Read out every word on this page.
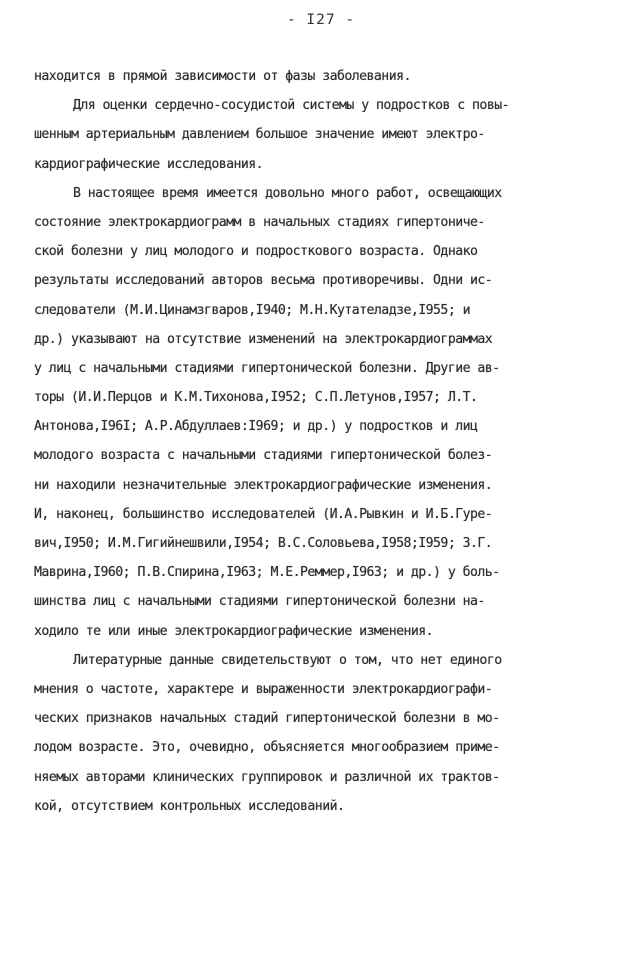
- I27 -
находится в прямой зависимости от фазы заболевания.
Для оценки сердечно-сосудистой системы у подростков с повы-
шенным артериальным давлением большое значение имеют электро-
кардиографические исследования.
В настоящее время имеется довольно много работ, освещающих
состояние электрокардиограмм в начальных стадиях гипертониче-
ской болезни у лиц молодого и подросткового возраста. Однако
результаты исследований авторов весьма противоречивы. Одни ис-
следователи (М.И.Цинамзгваров,I940; М.Н.Кутателадзе,I955; и
др.) указывают на отсутствие изменений на электрокардиограммах
у лиц с начальными стадиями гипертонической болезни. Другие ав-
торы (И.И.Перцов и К.М.Тихонова,I952; С.П.Летунов,I957; Л.Т.
Антонова,I96I; А.Р.Абдуллаев:I969; и др.) у подростков и лиц
молодого возраста с начальными стадиями гипертонической болез-
ни находили незначительные электрокардиографические изменения.
И, наконец, большинство исследователей (И.А.Рывкин и И.Б.Гуре-
вич,I950; И.М.Гигийнешвили,I954; В.С.Соловьева,I958;I959; З.Г.
Маврина,I960; П.В.Спирина,I963; М.Е.Реммер,I963; и др.) у боль-
шинства лиц с начальными стадиями гипертонической болезни на-
ходило те или иные электрокардиографические изменения.
Литературные данные свидетельствуют о том, что нет единого
мнения о частоте, характере и выраженности электрокардиографи-
ческих признаков начальных стадий гипертонической болезни в мо-
лодом возрасте. Это, очевидно, объясняется многообразием приме-
няемых авторами клинических группировок и различной их трактов-
кой, отсутствием контрольных исследований.
